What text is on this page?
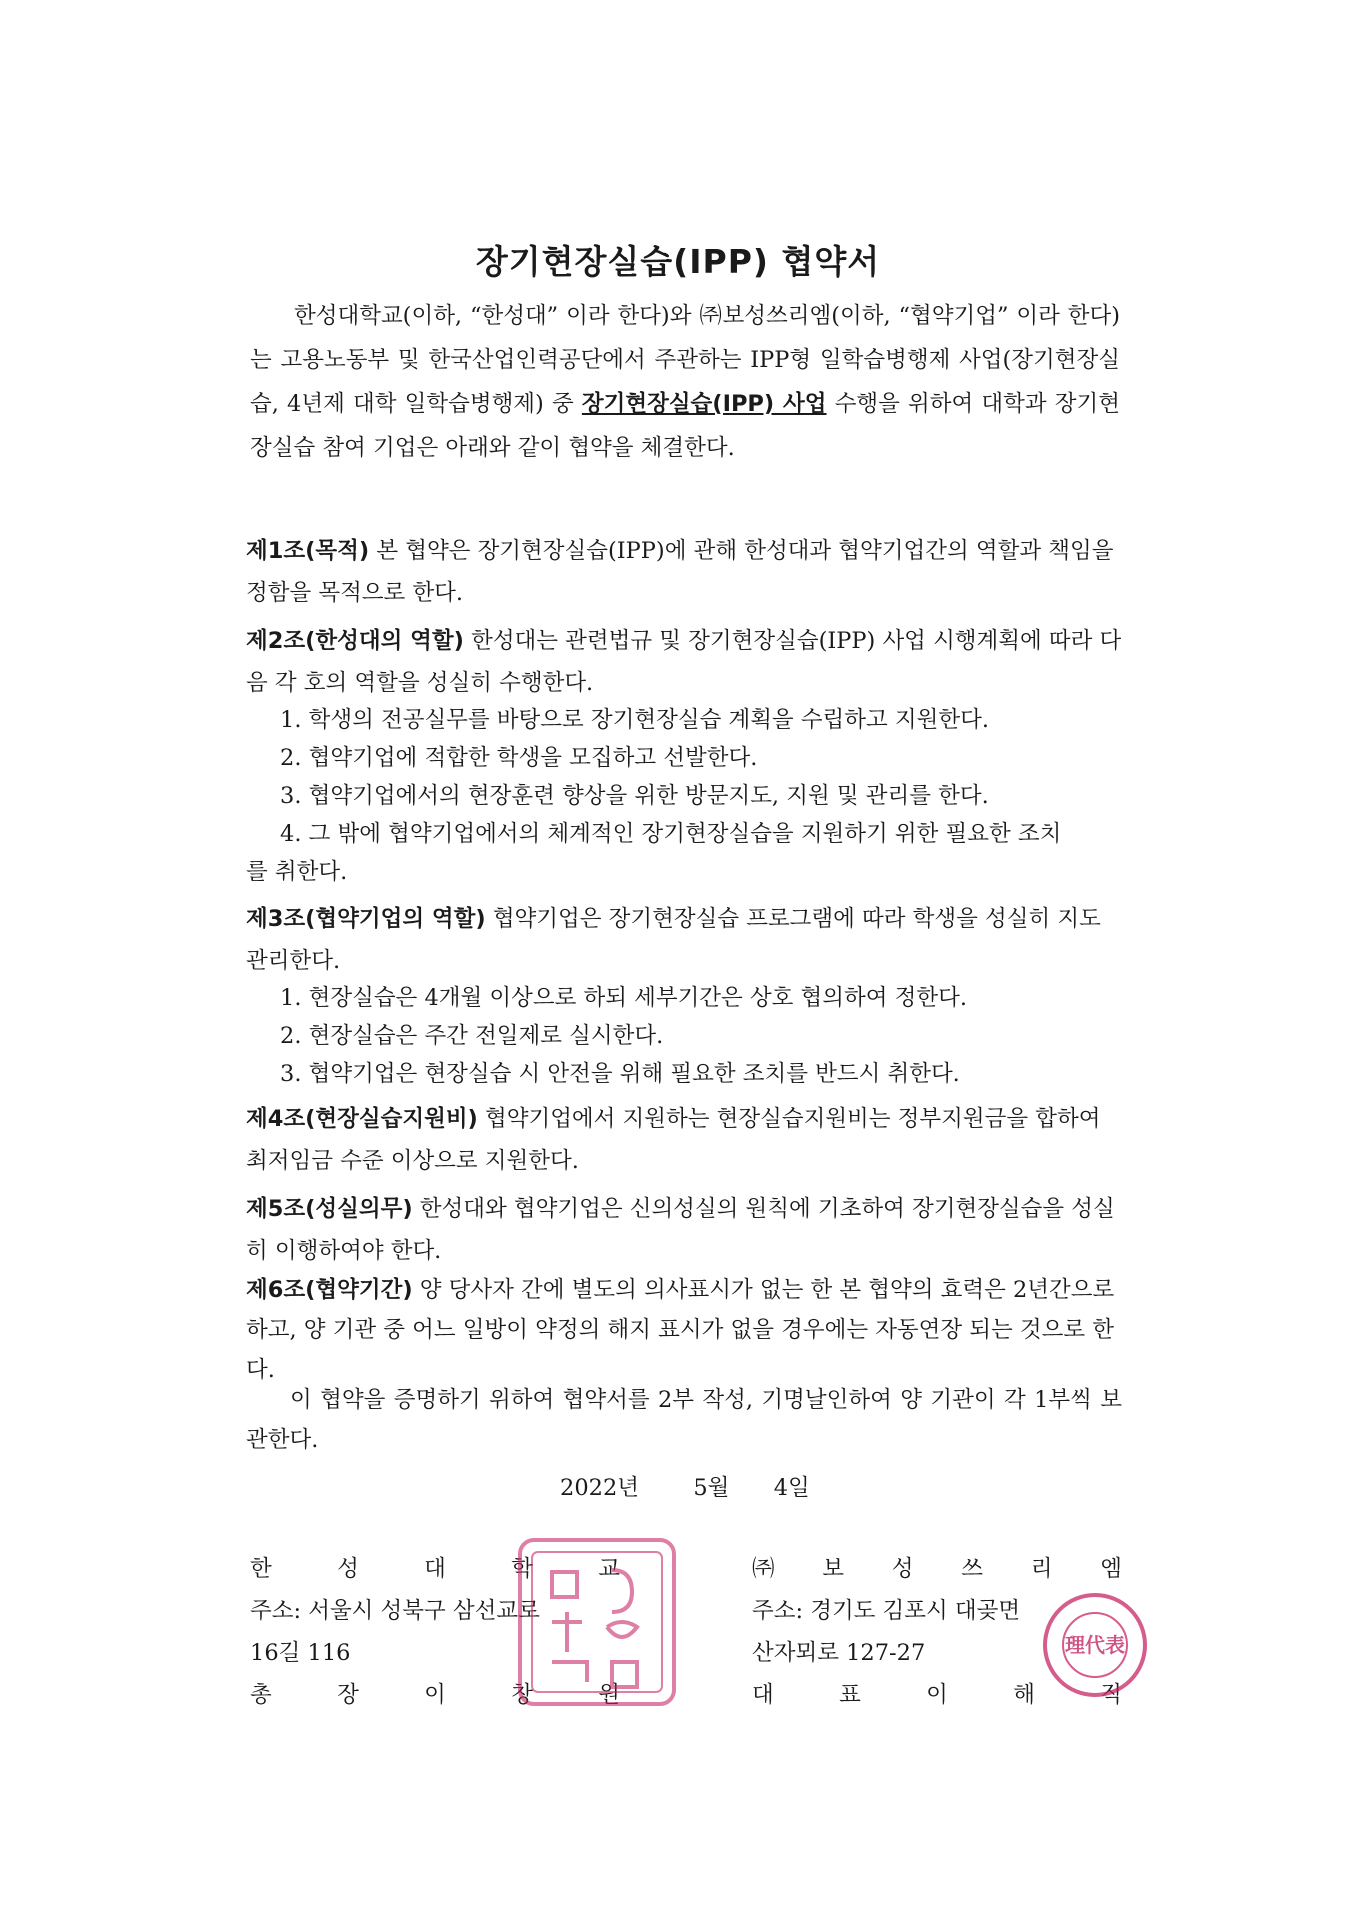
장기현장실습(IPP) 협약서
한성대학교(이하, “한성대” 이라 한다)와 ㈜보성쓰리엠(이하, “협약기업” 이라 한다)는 고용노동부 및 한국산업인력공단에서 주관하는 IPP형 일학습병행제 사업(장기현장실습, 4년제 대학 일학습병행제) 중 장기현장실습(IPP) 사업 수행을 위하여 대학과 장기현장실습 참여 기업은 아래와 같이 협약을 체결한다.
제1조(목적) 본 협약은 장기현장실습(IPP)에 관해 한성대과 협약기업간의 역할과 책임을 정함을 목적으로 한다.
제2조(한성대의 역할) 한성대는 관련법규 및 장기현장실습(IPP) 사업 시행계획에 따라 다음 각 호의 역할을 성실히 수행한다.
1. 학생의 전공실무를 바탕으로 장기현장실습 계획을 수립하고 지원한다.
2. 협약기업에 적합한 학생을 모집하고 선발한다.
3. 협약기업에서의 현장훈련 향상을 위한 방문지도, 지원 및 관리를 한다.
4. 그 밖에 협약기업에서의 체계적인 장기현장실습을 지원하기 위한 필요한 조치
를 취한다.
제3조(협약기업의 역할) 협약기업은 장기현장실습 프로그램에 따라 학생을 성실히 지도 관리한다.
1. 현장실습은 4개월 이상으로 하되 세부기간은 상호 협의하여 정한다.
2. 현장실습은 주간 전일제로 실시한다.
3. 협약기업은 현장실습 시 안전을 위해 필요한 조치를 반드시 취한다.
제4조(현장실습지원비) 협약기업에서 지원하는 현장실습지원비는 정부지원금을 합하여 최저임금 수준 이상으로 지원한다.
제5조(성실의무) 한성대와 협약기업은 신의성실의 원칙에 기초하여 장기현장실습을 성실히 이행하여야 한다.
제6조(협약기간) 양 당사자 간에 별도의 의사표시가 없는 한 본 협약의 효력은 2년간으로 하고, 양 기관 중 어느 일방이 약정의 해지 표시가 없을 경우에는 자동연장 되는 것으로 한다.
이 협약을 증명하기 위하여 협약서를 2부 작성, 기명날인하여 양 기관이 각 1부씩 보관한다.
2022년 5월 4일
한	성	대	학	교
주소: 서울시 성북구 삼선교로
16길 116
총	장	이	창	원
㈜ 보 성 쓰 리 엠
주소: 경기도 김포시 대곶면
산자뫼로 127-27
대	표	이	해	직
理代表
